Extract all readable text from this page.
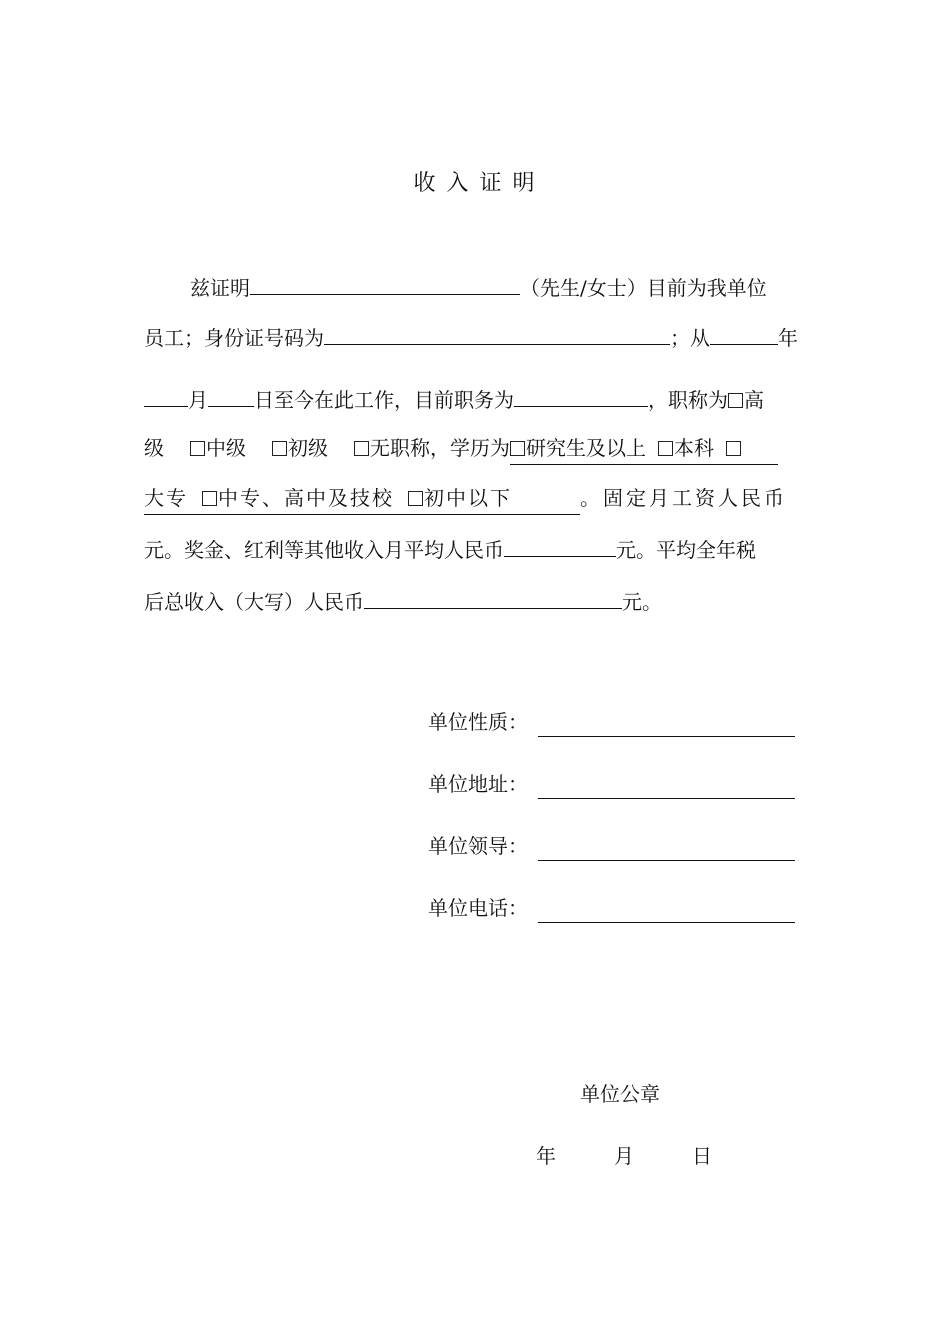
收 入 证 明
兹证明	（先生/女士）目前为我单位
员工；身份证号码为	；从	年
月 日至今在此工作，目前职务为	，职称为 高
级 中级 初级 无职称，学历为 研究生及以上 本科
大专 中专、高中及技校 初中以下	。固定月工资人民币
元。奖金、红利等其他收入月平均人民币	元。平均全年税
后总收入（大写）人民币	元。
单位性质：
单位地址：
单位领导：
单位电话：
单位公章
年	月	日
